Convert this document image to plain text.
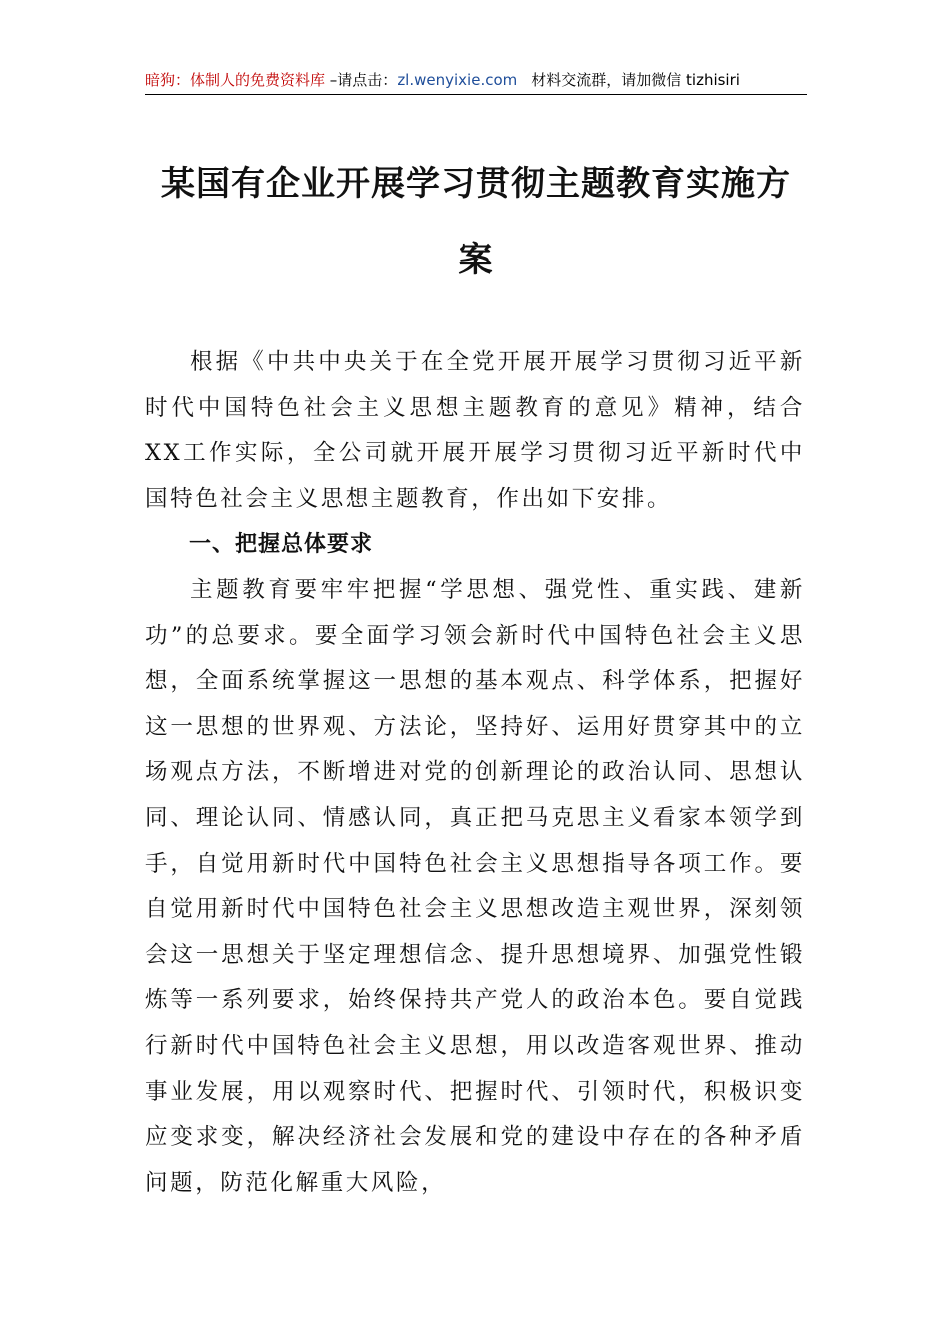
暗狗：体制人的免费资料库 –请点击：zl.wenyixie.com 材料交流群，请加微信 tizhisiri
某国有企业开展学习贯彻主题教育实施方案

根据《中共中央关于在全党开展开展学习贯彻习近平新时代中国特色社会主义思想主题教育的意见》精神，结合XX工作实际，全公司就开展开展学习贯彻习近平新时代中国特色社会主义思想主题教育，作出如下安排。

一、把握总体要求

主题教育要牢牢把握“学思想、强党性、重实践、建新功”的总要求。要全面学习领会新时代中国特色社会主义思想，全面系统掌握这一思想的基本观点、科学体系，把握好这一思想的世界观、方法论，坚持好、运用好贯穿其中的立场观点方法，不断增进对党的创新理论的政治认同、思想认同、理论认同、情感认同，真正把马克思主义看家本领学到手，自觉用新时代中国特色社会主义思想指导各项工作。要自觉用新时代中国特色社会主义思想改造主观世界，深刻领会这一思想关于坚定理想信念、提升思想境界、加强党性锻炼等一系列要求，始终保持共产党人的政治本色。要自觉践行新时代中国特色社会主义思想，用以改造客观世界、推动事业发展，用以观察时代、把握时代、引领时代，积极识变应变求变，解决经济社会发展和党的建设中存在的各种矛盾问题，防范化解重大风险，
